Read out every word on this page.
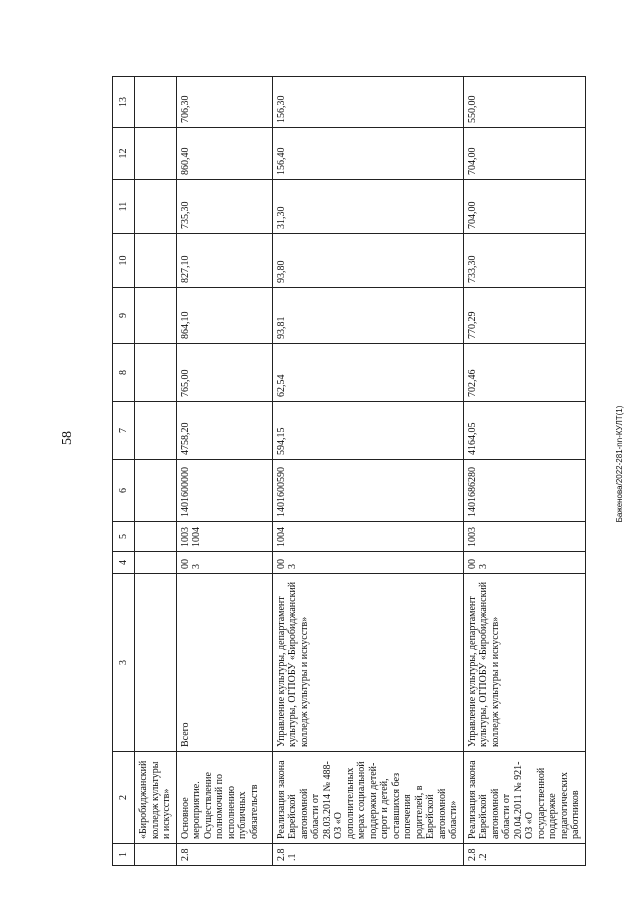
58
1	2	3	4	5	6	7	8	9	10	11	12	13
	«Биробиджанский колледж культуры и искусств»											
2.8	Основное мероприятие. Осуществление полномочий по исполнению публичных обязательств	Всего	003	1003 1004	1401600000	4758,20	765,00	864,10	827,10	735,30	860,40	706,30
2.8.1	Реализация закона Еврейской автономной области от 28.03.2014 № 488-ОЗ «О дополнительных мерах социальной поддержки детей-сирот и детей, оставшихся без попечения родителей, в Еврейской автономной области»	Управление культуры, департамент культуры, ОГПОБУ «Биробиджанский колледж культуры и искусств»	003	1004	1401600590	594,15	62,54	93,81	93,80	31,30	156,40	156,30
2.8.2	Реализация закона Еврейской автономной области от 20.04.2011 № 921-ОЗ «О государственной поддержке педагогических работников	Управление культуры, департамент культуры, ОГПОБУ «Биробиджанский колледж культуры и искусств»	003	1003	1401686280	4164,05	702,46	770,29	733,30	704,00	704,00	550,00
Баженова/2022-281-nn-КУЛТ(1)
